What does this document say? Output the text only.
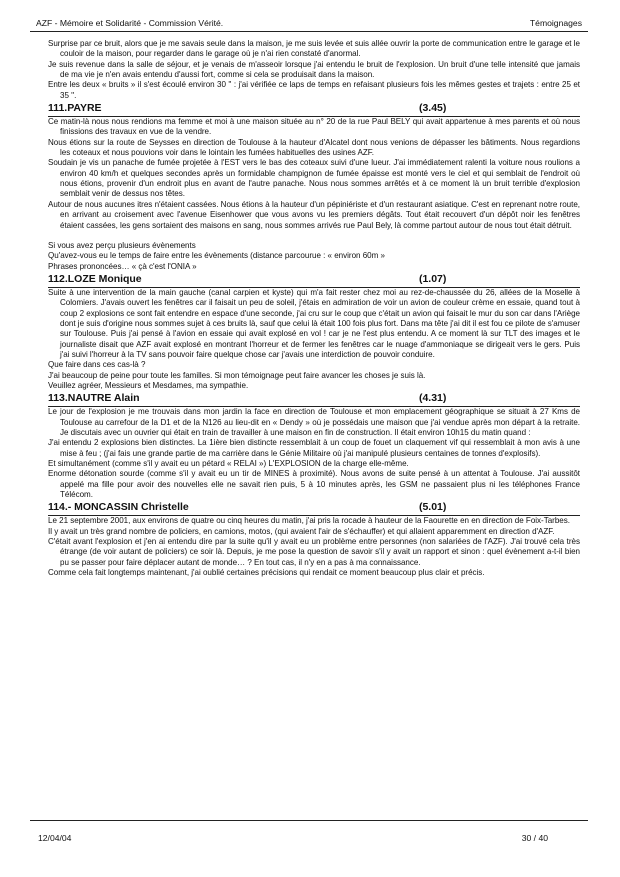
AZF - Mémoire et Solidarité - Commission Vérité.	Témoignages

Surprise par ce bruit, alors que je me savais seule dans la maison, je me suis levée et suis allée ouvrir la porte de communication entre le garage et le couloir de la maison, pour regarder dans le garage où je n'ai rien constaté d'anormal.

Je suis revenue dans la salle de séjour, et je venais de m'asseoir lorsque j'ai entendu le bruit de l'explosion. Un bruit d'une telle intensité que jamais de ma vie je n'en avais entendu d'aussi fort, comme si cela se produisait dans la maison.

Entre les deux « bruits » il s'est écoulé environ 30 '' : j'ai vérifiée ce laps de temps en refaisant plusieurs fois les mêmes gestes et trajets : entre 25 et 35 ''.

111.PAYRE	(3.45)

Ce matin-là nous nous rendions ma femme et moi à une maison située au n° 20 de la rue Paul BELY qui avait appartenue à mes parents et où nous finissions des travaux en vue de la vendre.

Nous étions sur la route de Seysses en direction de Toulouse à la hauteur d'Alcatel dont nous venions de dépasser les bâtiments. Nous regardions les coteaux et nous pouvions voir dans le lointain les fumées habituelles des usines AZF.

Soudain je vis un panache de fumée projetée à l'EST vers le bas des coteaux suivi d'une lueur. J'ai immédiatement ralenti la voiture nous roulions a environ 40 km/h et quelques secondes après un formidable champignon de fumée épaisse est monté vers le ciel et qui semblait de l'endroit où nous étions, provenir d'un endroit plus en avant de l'autre panache. Nous nous sommes arrêtés et à ce moment là un bruit terrible d'explosion semblait venir de dessus nos têtes.

Autour de nous aucunes itres n'étaient cassées. Nous étions à la hauteur d'un pépiniériste et d'un restaurant asiatique. C'est en reprenant notre route, en arrivant au croisement avec l'avenue Eisenhower que vous avons vu les premiers dégâts. Tout était recouvert d'un dépôt noir les fenêtres étaient cassées, les gens sortaient des maisons en sang, nous sommes arrivés rue Paul Bely, là comme partout autour de nous tout était détruit.

Si vous avez perçu plusieurs évènements

Qu'avez-vous eu le temps de faire entre les évènements (distance parcourue : « environ 60m »

Phrases prononcées… « çà c'est l'ONIA »

112.LOZE Monique	(1.07)

Suite à une intervention de la main gauche (canal carpien et kyste) qui m'a fait rester chez moi au rez-de-chaussée du 26, allées de la Moselle à Colomiers. J'avais ouvert les fenêtres car il faisait un peu de soleil, j'étais en admiration de voir un avion de couleur crème en essaie, quand tout à coup 2 explosions ce sont fait entendre en espace d'une seconde, j'ai cru sur le coup que c'était un avion qui faisait le mur du son car dans l'Ariège dont je suis d'origine nous sommes sujet à ces bruits là, sauf que celui là était 100 fois plus fort. Dans ma tête j'ai dit il est fou ce pilote de s'amuser sur Toulouse. Puis j'ai pensé à l'avion en essaie qui avait explosé en vol ! car je ne l'est plus entendu. A ce moment là sur TLT des images et le journaliste disait que AZF avait explosé en montrant l'horreur et de fermer les fenêtres car le nuage d'ammoniaque se dirigeait vers le gers. Puis j'ai suivi l'horreur à la TV sans pouvoir faire quelque chose car j'avais une interdiction de pouvoir conduire.

Que faire dans ces cas-là ?

J'ai beaucoup de peine pour toute les familles. Si mon témoignage peut faire avancer les choses je suis là.

Veuillez agréer, Messieurs et Mesdames, ma sympathie.

113.NAUTRE Alain	(4.31)

Le jour de l'explosion je me trouvais dans mon jardin la face en direction de Toulouse et mon emplacement géographique se situait à 27 Kms de Toulouse au carrefour de la D1 et de la N126 au lieu-dit en « Dendy » où je possédais une maison que j'ai vendue après mon départ à la retraite. Je discutais avec un ouvrier qui était en train de travailler à une maison en fin de construction. Il était environ 10h15 du matin quand :

J'ai entendu 2 explosions bien distinctes. La 1ière bien distincte ressemblait à un coup de fouet un claquement vif qui ressemblait à mon avis à une mise à feu ; (j'ai fais une grande partie de ma carrière dans le Génie Militaire où j'ai manipulé plusieurs centaines de tonnes d'explosifs).

Et simultanément (comme s'il y avait eu un pétard « RELAI ») L'EXPLOSION de la charge elle-même.

Enorme détonation sourde (comme s'il y avait eu un tir de MINES à proximité). Nous avons de suite pensé à un attentat à Toulouse. J'ai aussitôt appelé ma fille pour avoir des nouvelles elle ne savait rien puis, 5 à 10 minutes après, les GSM ne passaient plus ni les téléphones France Télécom.

114.- MONCASSIN Christelle	(5.01)

Le 21 septembre 2001, aux environs de quatre ou cinq heures du matin, j'ai pris la rocade à hauteur de la Faourette en en direction de Foix-Tarbes.

Il y avait un très grand nombre de policiers, en camions, motos, (qui avaient l'air de s'échauffer) et qui allaient apparemment en direction d'AZF.

C'était avant l'explosion et j'en ai entendu dire par la suite qu'il y avait eu un problème entre personnes (non salariées de l'AZF). J'ai trouvé cela très étrange (de voir autant de policiers) ce soir là. Depuis, je me pose la question de savoir s'il y avait un rapport et sinon : quel évènement a-t-il bien pu se passer pour faire déplacer autant de monde… ? En tout cas, il n'y en a pas à ma connaissance.

Comme cela fait longtemps maintenant, j'ai oublié certaines précisions qui rendait ce moment beaucoup plus clair et précis.

12/04/04	30 / 40
